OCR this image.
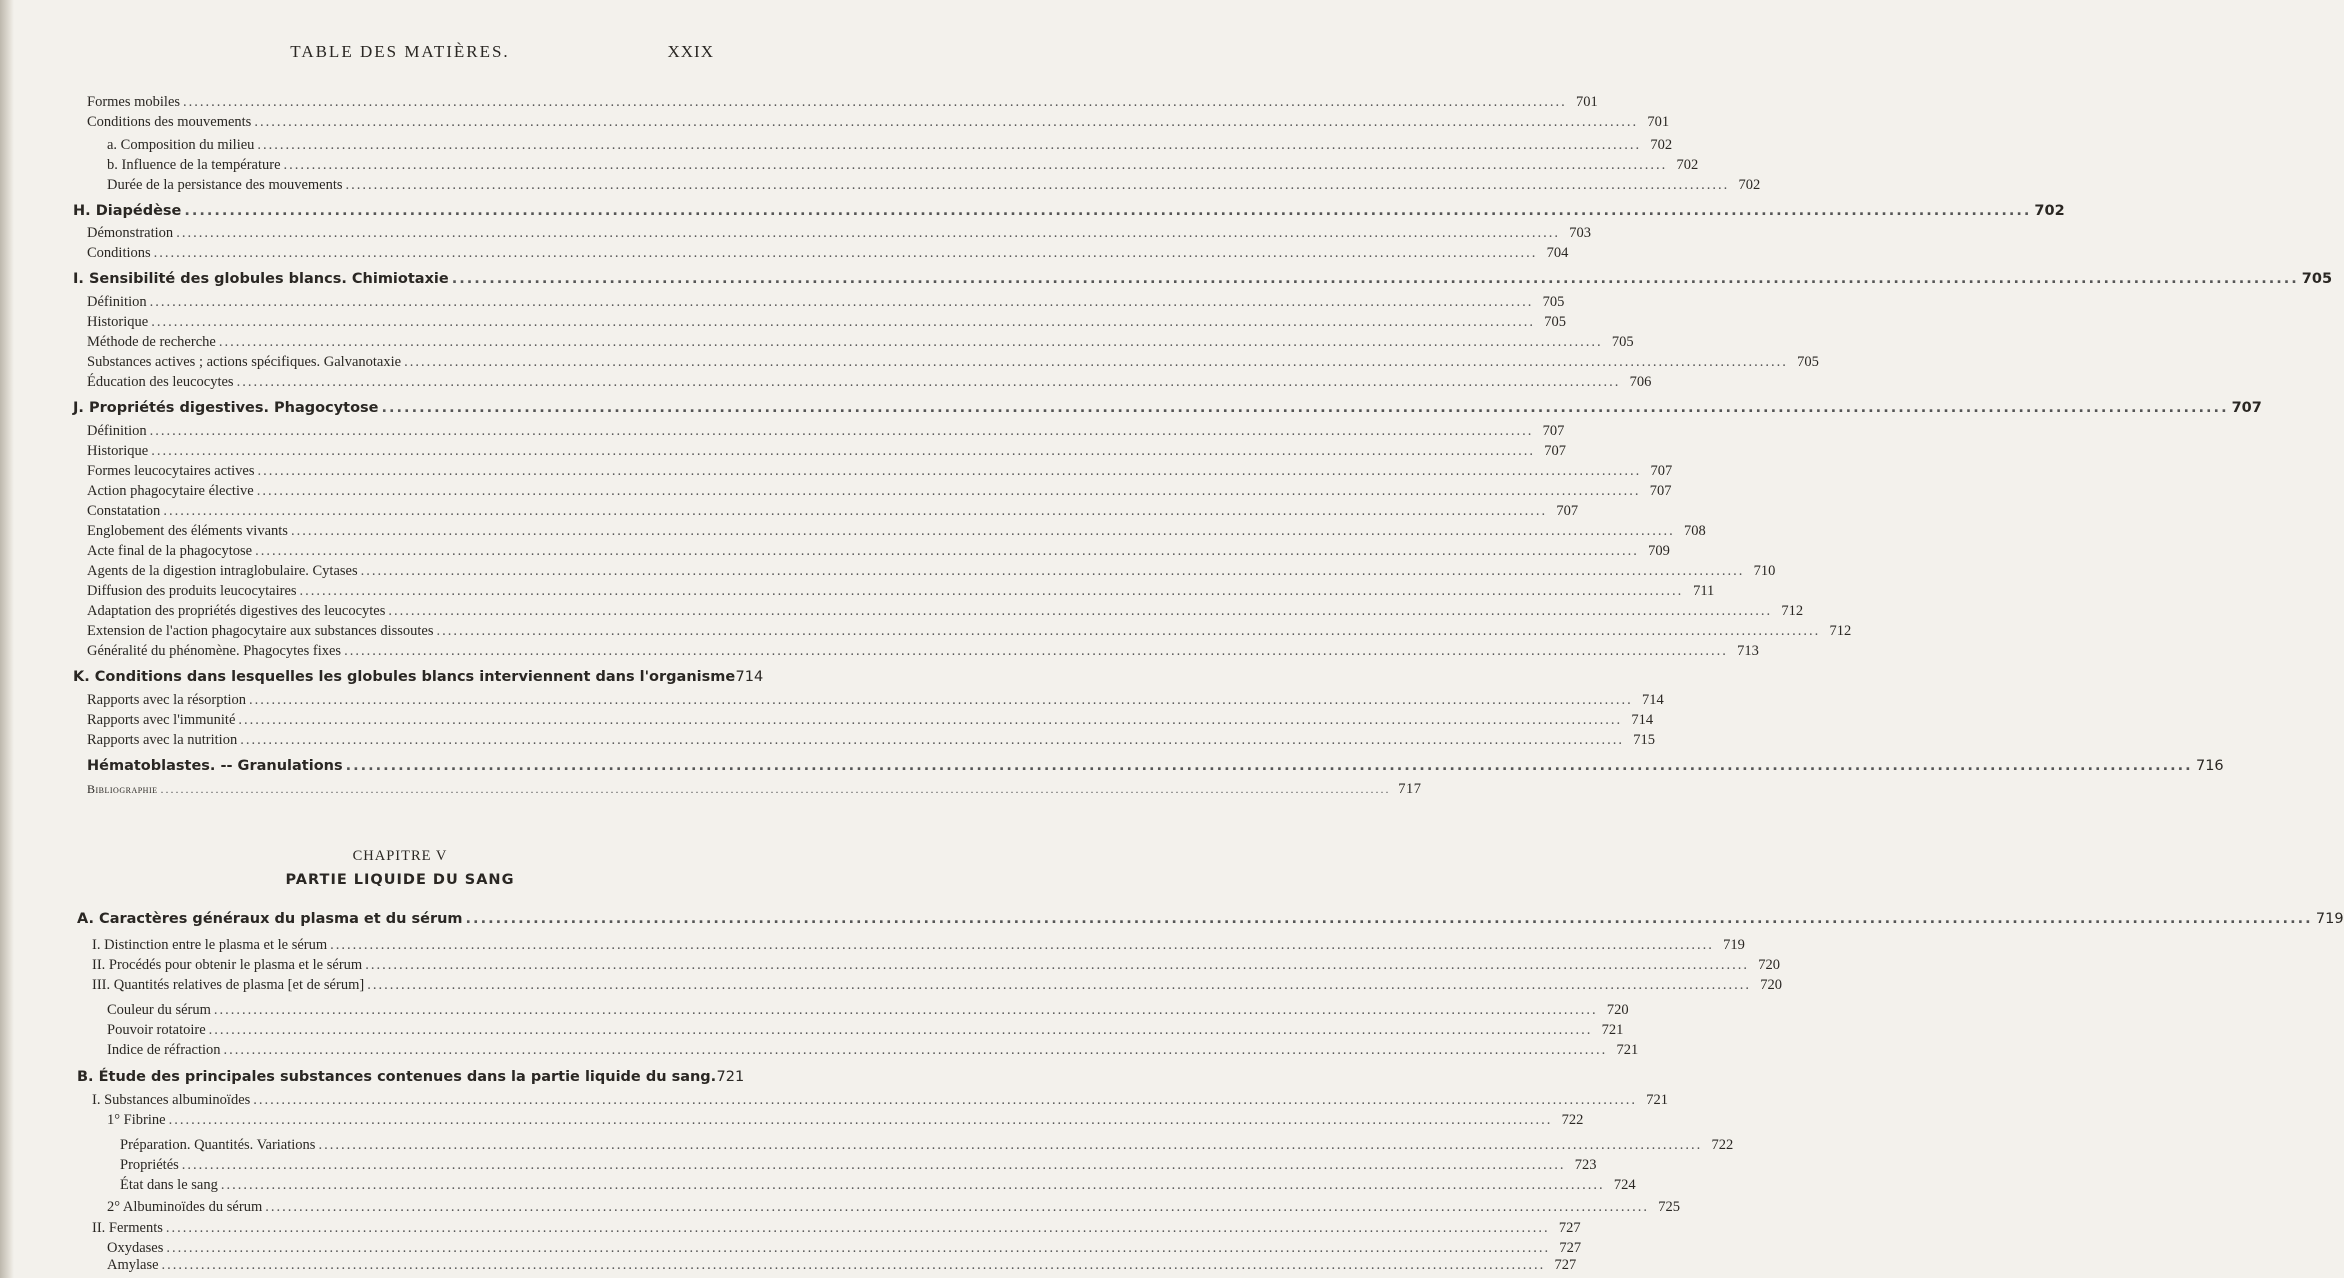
TABLE DES MATIÈRES.	XXIX
Formes mobiles .....	701
Conditions des mouvements .....	701
a. Composition du milieu .....	702
b. Influence de la température .....	702
Durée de la persistance des mouvements .....	702
H. Diapédèse .....	702
Démonstration .....	703
Conditions .....	704
I. Sensibilité des globules blancs. Chimiotaxie .....	705
Définition .....	705
Historique .....	705
Méthode de recherche .....	705
Substances actives ; actions spécifiques. Galvanotaxie .....	705
Éducation des leucocytes .....	706
J. Propriétés digestives. Phagocytose .....	707
Définition .....	707
Historique .....	707
Formes leucocytaires actives .....	707
Action phagocytaire élective .....	707
Constatation .....	707
Englobement des éléments vivants .....	708
Acte final de la phagocytose .....	709
Agents de la digestion intraglobulaire. Cytases .....	710
Diffusion des produits leucocytaires .....	711
Adaptation des propriétés digestives des leucocytes .....	712
Extension de l'action phagocytaire aux substances dissoutes .....	712
Généralité du phénomène. Phagocytes fixes .....	713
K. Conditions dans lesquelles les globules blancs interviennent dans l'organisme 714
Rapports avec la résorption .....	714
Rapports avec l'immunité .....	714
Rapports avec la nutrition .....	715
Hématoblastes. -- Granulations .....	716
Bibliographie .....	717
CHAPITRE V
PARTIE LIQUIDE DU SANG
A. Caractères généraux du plasma et du sérum .....	719
I. Distinction entre le plasma et le sérum .....	719
II. Procédés pour obtenir le plasma et le sérum .....	720
III. Quantités relatives de plasma [et de sérum] .....	720
Couleur du sérum .....	720
Pouvoir rotatoire .....	721
Indice de réfraction .....	721
B. Étude des principales substances contenues dans la partie liquide du sang. 721
I. Substances albuminoïdes .....	721
1° Fibrine .....	722
Préparation. Quantités. Variations .....	722
Propriétés .....	723
État dans le sang .....	724
2° Albuminoïdes du sérum .....	725
II. Ferments .....	727
Oxydases .....	727
Amylase .....	727
